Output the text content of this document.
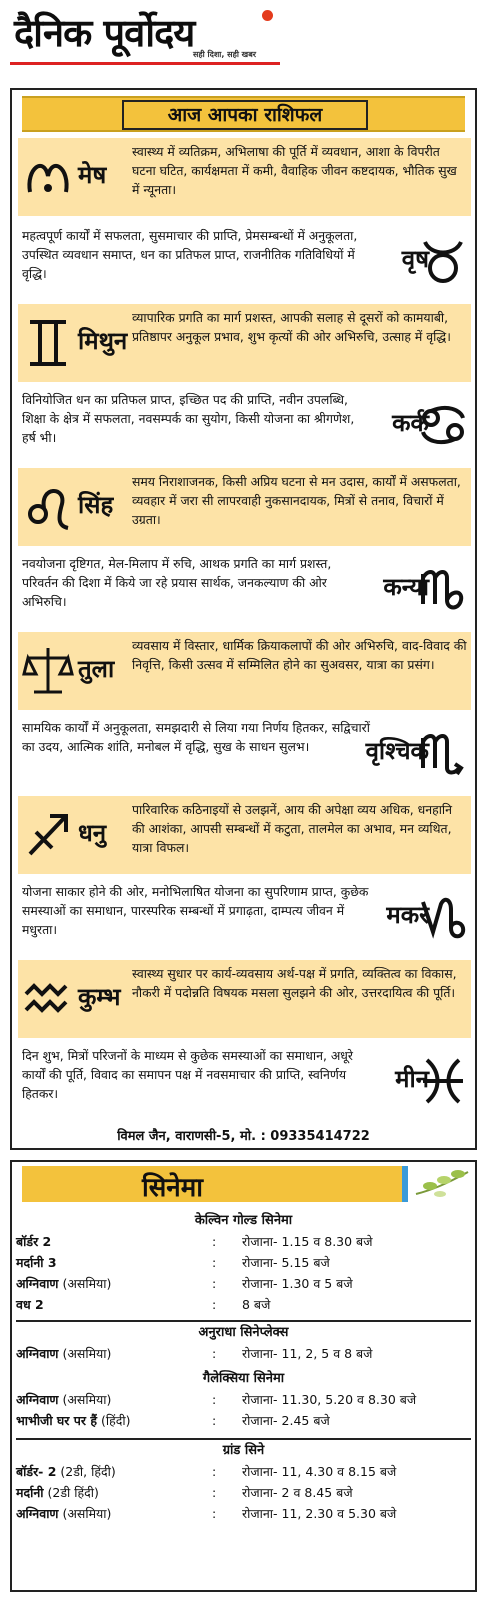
दैनिक पूर्वोदय
सही दिशा, सही खबर
आज आपका राशिफल
मेष
स्वास्थ्य में व्यतिक्रम, अभिलाषा की पूर्ति में व्यवधान, आशा के विपरीत घटना घटित, कार्यक्षमता में कमी, वैवाहिक जीवन कष्टदायक, भौतिक सुख में न्यूनता।
महत्वपूर्ण कार्यों में सफलता, सुसमाचार की प्राप्ति, प्रेमसम्बन्धों में अनुकूलता, उपस्थित व्यवधान समाप्त, धन का प्रतिफल प्राप्त, राजनीतिक गतिविधियों में वृद्धि।
वृष
मिथुन
व्यापारिक प्रगति का मार्ग प्रशस्त, आपकी सलाह से दूसरों को कामयाबी, प्रतिष्ठापर अनुकूल प्रभाव, शुभ कृत्यों की ओर अभिरुचि, उत्साह में वृद्धि।
विनियोजित धन का प्रतिफल प्राप्त, इच्छित पद की प्राप्ति, नवीन उपलब्धि, शिक्षा के क्षेत्र में सफलता, नवसम्पर्क का सुयोग, किसी योजना का श्रीगणेश, हर्ष भी।
कर्क
सिंह
समय निराशाजनक, किसी अप्रिय घटना से मन उदास, कार्यों में असफलता, व्यवहार में जरा सी लापरवाही नुकसानदायक, मित्रों से तनाव, विचारों में उग्रता।
नवयोजना दृष्टिगत, मेल-मिलाप में रुचि, आथक प्रगति का मार्ग प्रशस्त, परिवर्तन की दिशा में किये जा रहे प्रयास सार्थक, जनकल्याण की ओर अभिरुचि।
कन्या
तुला
व्यवसाय में विस्तार, धार्मिक क्रियाकलापों की ओर अभिरुचि, वाद-विवाद की निवृत्ति, किसी उत्सव में सम्मिलित होने का सुअवसर, यात्रा का प्रसंग।
सामयिक कार्यों में अनुकूलता, समझदारी से लिया गया निर्णय हितकर, सद्विचारों का उदय, आत्मिक शांति, मनोबल में वृद्धि, सुख के साधन सुलभ।	वृश्चिक
धनु
पारिवारिक कठिनाइयों से उलझनें, आय की अपेक्षा व्यय अधिक, धनहानि की आशंका, आपसी सम्बन्धों में कटुता, तालमेल का अभाव, मन व्यथित, यात्रा विफल।
योजना साकार होने की ओर, मनोभिलाषित योजना का सुपरिणाम प्राप्त, कुछेक समस्याओं का समाधान, पारस्परिक सम्बन्धों में प्रगाढ़ता, दाम्पत्य जीवन में मधुरता।
मकर
कुम्भ
स्वास्थ्य सुधार पर कार्य-व्यवसाय अर्थ-पक्ष में प्रगति, व्यक्तित्व का विकास, नौकरी में पदोन्नति विषयक मसला सुलझने की ओर, उत्तरदायित्व की पूर्ति।
दिन शुभ, मित्रों परिजनों के माध्यम से कुछेक समस्याओं का समाधान, अधूरे कार्यों की पूर्ति, विवाद का समापन पक्ष में नवसमाचार की प्राप्ति, स्वनिर्णय हितकर।
मीन
विमल जैन, वाराणसी-5, मो. : 09335414722
सिनेमा
केल्विन गोल्ड सिनेमा
बॉर्डर 2	: रोजाना- 1.15 व 8.30 बजे
मर्दानी 3	: रोजाना- 5.15 बजे
अग्निवाण (असमिया)	: रोजाना- 1.30 व 5 बजे
वध 2	: 8 बजे
अनुराधा सिनेप्लेक्स
अग्निवाण (असमिया)	: रोजाना- 11, 2, 5 व 8 बजे
गैलेक्सिया सिनेमा
अग्निवाण (असमिया)	: रोजाना- 11.30, 5.20 व 8.30 बजे
भाभीजी घर पर हैं (हिंदी)	: रोजाना- 2.45 बजे
ग्रांड सिने
बॉर्डर- 2 (2डी, हिंदी)	: रोजाना- 11, 4.30 व 8.15 बजे
मर्दानी (2डी हिंदी)	: रोजाना- 2 व 8.45 बजे
अग्निवाण (असमिया)	: रोजाना- 11, 2.30 व 5.30 बजे
